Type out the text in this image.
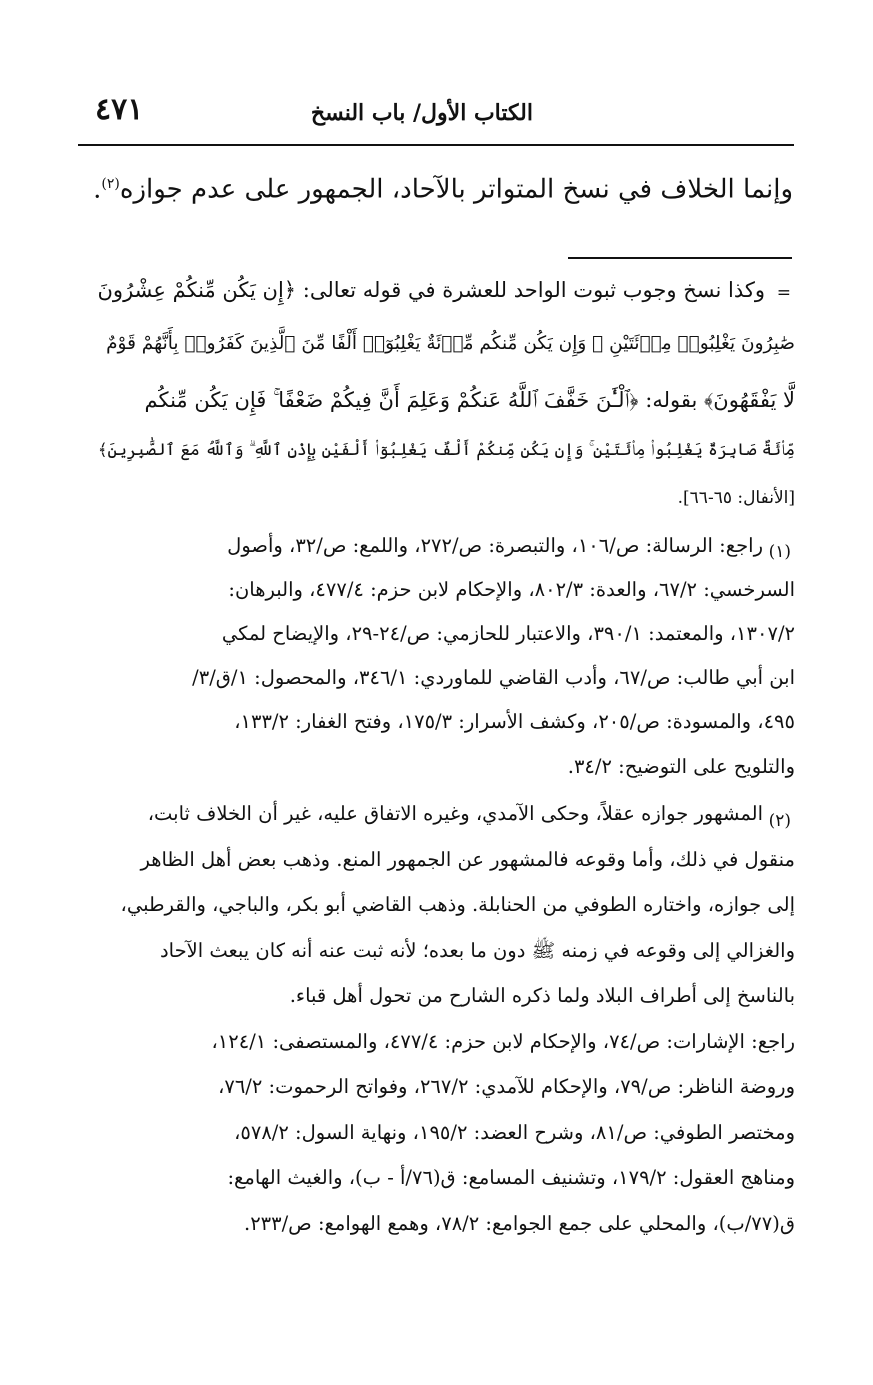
الكتاب الأول/ باب النسخ
٤٧١
وإنما الخلاف في نسخ المتواتر بالآحاد، الجمهور على عدم جوازه$^{(٢)}$.
=
وكذا نسخ وجوب ثبوت الواحد للعشرة في قوله تعالى: ﴿إِن يَكُن مِّنكُمْ عِشْرُونَ
صَٰبِرُونَ يَغْلِبُوا۟ مِا۟ئَتَيْنِ ۚ وَإِن يَكُن مِّنكُم مِّا۟ئَةٌ يَغْلِبُوٓا۟ أَلْفًا مِّنَ ٱلَّذِينَ كَفَرُوا۟ بِأَنَّهُمْ قَوْمٌ
لَّا يَفْقَهُونَ﴾ بقوله: ﴿ٱلْـَٰٔنَ خَفَّفَ ٱللَّهُ عَنكُمْ وَعَلِمَ أَنَّ فِيكُمْ ضَعْفًا ۚ فَإِن يَكُن مِّنكُم
مِّا۟ئَةٌ صَابِرَةٌ يَغْلِبُوا۟ مِا۟ئَتَيْنِ ۚ وَإِن يَكُن مِّنكُمْ أَلْفٌ يَغْلِبُوٓا۟ أَلْفَيْنِ بِإِذْنِ ٱللَّهِ ۗ وَٱللَّهُ مَعَ ٱلصَّٰبِرِينَ﴾
[الأنفال: ٦٥-٦٦].
(١)
راجع: الرسالة: ص/١٠٦، والتبصرة: ص/٢٧٢، واللمع: ص/٣٢، وأصول
السرخسي: ٦٧/٢، والعدة: ٨٠٢/٣، والإحكام لابن حزم: ٤٧٧/٤، والبرهان:
١٣٠٧/٢، والمعتمد: ٣٩٠/١، والاعتبار للحازمي: ص/٢٤-٢٩، والإيضاح لمكي
ابن أبي طالب: ص/٦٧، وأدب القاضي للماوردي: ٣٤٦/١، والمحصول: ١/ق/٣/
٤٩٥، والمسودة: ص/٢٠٥، وكشف الأسرار: ١٧٥/٣، وفتح الغفار: ١٣٣/٢،
والتلويح على التوضيح: ٣٤/٢.
(٢)
المشهور جوازه عقلاً، وحكى الآمدي، وغيره الاتفاق عليه، غير أن الخلاف ثابت،
منقول في ذلك، وأما وقوعه فالمشهور عن الجمهور المنع. وذهب بعض أهل الظاهر
إلى جوازه، واختاره الطوفي من الحنابلة. وذهب القاضي أبو بكر، والباجي، والقرطبي،
والغزالي إلى وقوعه في زمنه ﷺ دون ما بعده؛ لأنه ثبت عنه أنه كان يبعث الآحاد
بالناسخ إلى أطراف البلاد ولما ذكره الشارح من تحول أهل قباء.
راجع: الإشارات: ص/٧٤، والإحكام لابن حزم: ٤٧٧/٤، والمستصفى: ١٢٤/١،
وروضة الناظر: ص/٧٩، والإحكام للآمدي: ٢٦٧/٢، وفواتح الرحموت: ٧٦/٢،
ومختصر الطوفي: ص/٨١، وشرح العضد: ١٩٥/٢، ونهاية السول: ٥٧٨/٢،
ومناهج العقول: ١٧٩/٢، وتشنيف المسامع: ق(٧٦/أ - ب)، والغيث الهامع:
ق(٧٧/ب)، والمحلي على جمع الجوامع: ٧٨/٢، وهمع الهوامع: ص/٢٣٣.
